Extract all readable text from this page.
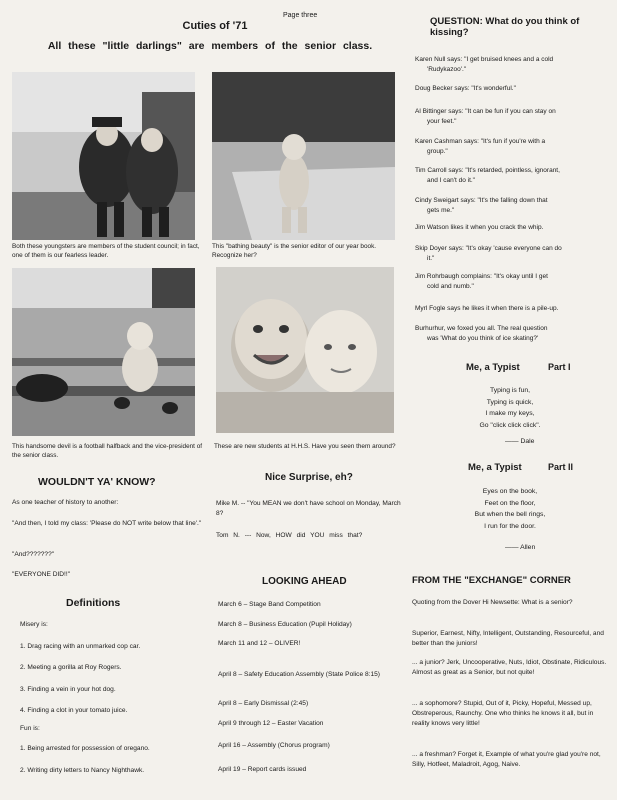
Page three
Cuties of '71
All these "little darlings" are members of the senior class.
Both these youngsters are members of the student council; in fact, one of them is our fearless leader.
This "bathing beauty" is the senior editor of our year book. Recognize her?
This handsome devil is a football halfback and the vice-president of the senior class.
These are new students at H.H.S. Have you seen them around?
WOULDN'T YA' KNOW?
As one teacher of history to another:
"And then, I told my class: 'Please do NOT write below that line'."
"And???????"
"EVERYONE DID!!"
Definitions
Misery is:
1. Drag racing with an unmarked cop car.
2. Meeting a gorilla at Roy Rogers.
3. Finding a vein in your hot dog.
4. Finding a clot in your tomato juice.
Fun is:
1. Being arrested for possession of oregano.
2. Writing dirty letters to Nancy Nighthawk.
Nice Surprise, eh?
Mike M. -- "You MEAN we don't have school on Monday, March 8?
Tom N. --- Now, HOW did YOU miss that?
LOOKING AHEAD
March 6 – Stage Band Competition
March 8 – Business Education (Pupil Holiday)
March 11 and 12 – OLIVER!
April 8 – Safety Education Assembly (State Police 8:15)
April 8 – Early Dismissal (2:45)
April 9 through 12 – Easter Vacation
April 16 – Assembly (Chorus program)
April 19 – Report cards issued
QUESTION: What do you think of kissing?
Karen Null says: "I get bruised knees and a cold
'Rudykazoo'."
Doug Becker says: "It's wonderful."
Al Bittinger says: "It can be fun if you can stay on
your feet."
Karen Cashman says: "It's fun if you're with a
group."
Tim Carroll says: "It's retarded, pointless, ignorant,
and I can't do it."
Cindy Sweigart says: "It's the falling down that
gets me."
Jim Watson likes it when you crack the whip.
Skip Doyer says: "It's okay 'cause everyone can do
it."
Jim Rohrbaugh complains: "It's okay until I get
cold and numb."
Myrl Fogle says he likes it when there is a pile-up.
Burhurhur, we foxed you all. The real question
was 'What do you think of ice skating?'
Me, a Typist	Part I
Typing is fun,
Typing is quick,
I make my keys,
Go "click click click".
—— Dale
Me, a Typist	Part II
Eyes on the book,
Feet on the floor,
But when the bell rings,
I run for the door.
—— Allen
FROM THE "EXCHANGE" CORNER
Quoting from the Dover Hi Newsette: What is a senior?
Superior, Earnest, Nifty, Intelligent, Outstanding, Resourceful, and better than the juniors!
... a junior? Jerk, Uncooperative, Nuts, Idiot, Obstinate, Ridiculous. Almost as great as a Senior, but not quite!
... a sophomore? Stupid, Out of it, Picky, Hopeful, Messed up, Obstreperous, Raunchy. One who thinks he knows it all, but in reality knows very little!
... a freshman? Forget it, Example of what you're glad you're not, Silly, Hotfeet, Maladroit, Agog, Naive.
